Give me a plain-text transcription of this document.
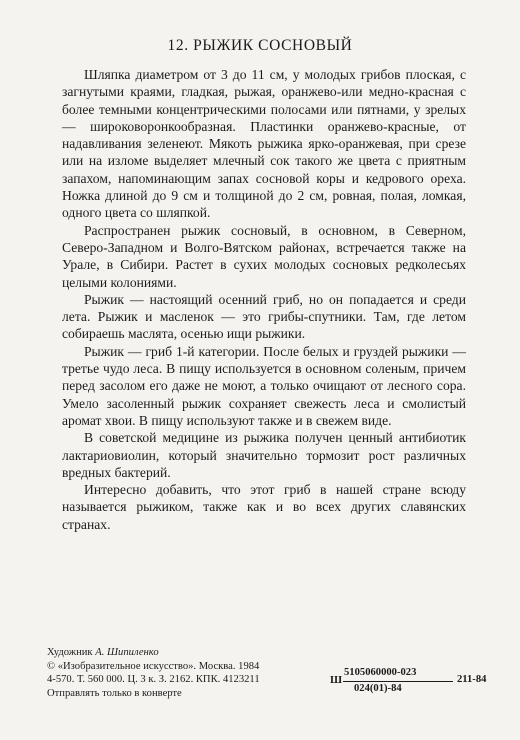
12. РЫЖИК СОСНОВЫЙ

Шляпка диаметром от 3 до 11 см, у молодых грибов плоская, с загнутыми краями, гладкая, рыжая, оранжево-или медно-красная с более темными концентрическими полосами или пятнами, у зрелых — широковоронкообразная. Пластинки оранжево-красные, от надавливания зеленеют. Мякоть рыжика ярко-оранжевая, при срезе или на изломе выделяет млечный сок такого же цвета с приятным запахом, напоминающим запах сосновой коры и кедрового ореха. Ножка длиной до 9 см и толщиной до 2 см, ровная, полая, ломкая, одного цвета со шляпкой.

Распространен рыжик сосновый, в основном, в Северном, Северо-Западном и Волго-Вятском районах, встречается также на Урале, в Сибири. Растет в сухих молодых сосновых редколесьях целыми колониями.

Рыжик — настоящий осенний гриб, но он попадается и среди лета. Рыжик и масленок — это грибы-спутники. Там, где летом собираешь маслята, осенью ищи рыжики.

Рыжик — гриб 1-й категории. После белых и груздей рыжики — третье чудо леса. В пищу используется в основном соленым, причем перед засолом его даже не моют, а только очищают от лесного сора. Умело засоленный рыжик сохраняет свежесть леса и смолистый аромат хвои. В пищу используют также и в свежем виде.

В советской медицине из рыжика получен ценный антибиотик лактариовиолин, который значительно тормозит рост различных вредных бактерий.

Интересно добавить, что этот гриб в нашей стране всюду называется рыжиком, также как и во всех других славянских странах.

Художник А. Шипиленко
© «Изобразительное искусство». Москва. 1984
4-570. Т. 560 000. Ц. 3 к. З. 2162. КПК. 4123211
Отправлять только в конверте
Ш
5105060000-023
024(01)-84
211-84
